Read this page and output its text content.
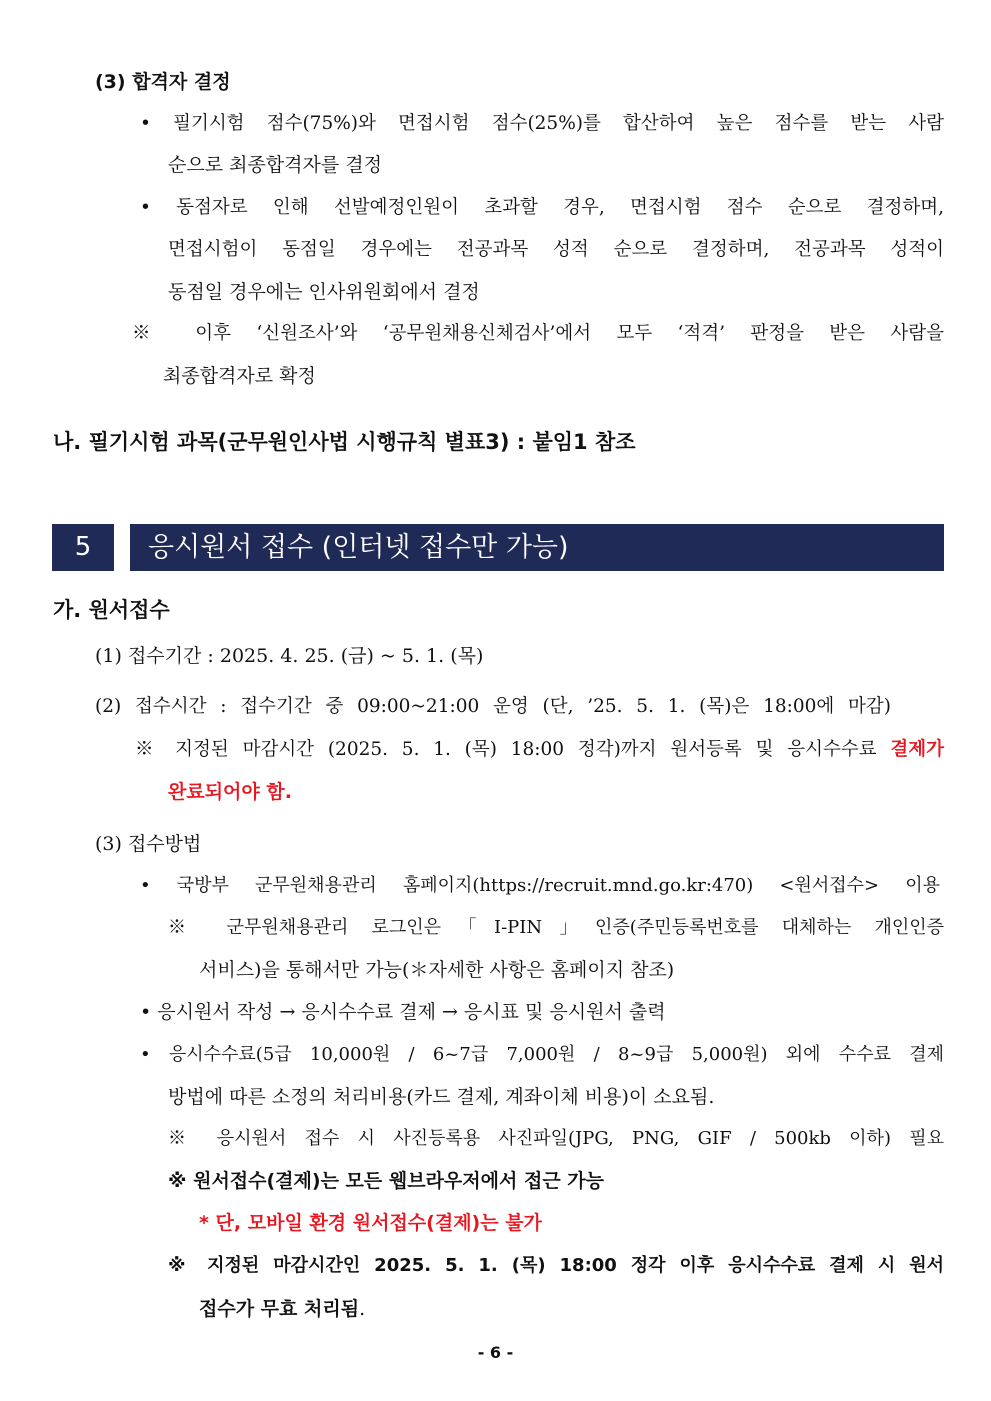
(3) 합격자 결정
• 필기시험 점수(75%)와 면접시험 점수(25%)를 합산하여 높은 점수를 받는 사람
순으로 최종합격자를 결정
• 동점자로 인해 선발예정인원이 초과할 경우, 면접시험 점수 순으로 결정하며,
면접시험이 동점일 경우에는 전공과목 성적 순으로 결정하며, 전공과목 성적이
동점일 경우에는 인사위원회에서 결정
※ 이후 ‘신원조사’와 ‘공무원채용신체검사’에서 모두 ‘적격’ 판정을 받은 사람을
최종합격자로 확정
나. 필기시험 과목(군무원인사법 시행규칙 별표3) : 붙임1 참조
5	응시원서 접수 (인터넷 접수만 가능)
가. 원서접수
(1) 접수기간 : 2025. 4. 25. (금) ~ 5. 1. (목)
(2) 접수시간 : 접수기간 중 09:00~21:00 운영 (단, ’25. 5. 1. (목)은 18:00에 마감)
※ 지정된 마감시간 (2025. 5. 1. (목) 18:00 정각)까지 원서등록 및 응시수수료 결제가
완료되어야 함.
(3) 접수방법
• 국방부 군무원채용관리 홈페이지(https://recruit.mnd.go.kr:470) <원서접수> 이용
※ 군무원채용관리 로그인은「I-PIN」인증(주민등록번호를 대체하는 개인인증
서비스)을 통해서만 가능(＊자세한 사항은 홈페이지 참조)
• 응시원서 작성 → 응시수수료 결제 → 응시표 및 응시원서 출력
• 응시수수료(5급 10,000원 / 6~7급 7,000원 / 8~9급 5,000원) 외에 수수료 결제
방법에 따른 소정의 처리비용(카드 결제, 계좌이체 비용)이 소요됨.
※ 응시원서 접수 시 사진등록용 사진파일(JPG, PNG, GIF / 500kb 이하) 필요
※ 원서접수(결제)는 모든 웹브라우저에서 접근 가능
* 단, 모바일 환경 원서접수(결제)는 불가
※ 지정된 마감시간인 2025. 5. 1. (목) 18:00 정각 이후 응시수수료 결제 시 원서
접수가 무효 처리됨.
- 6 -
